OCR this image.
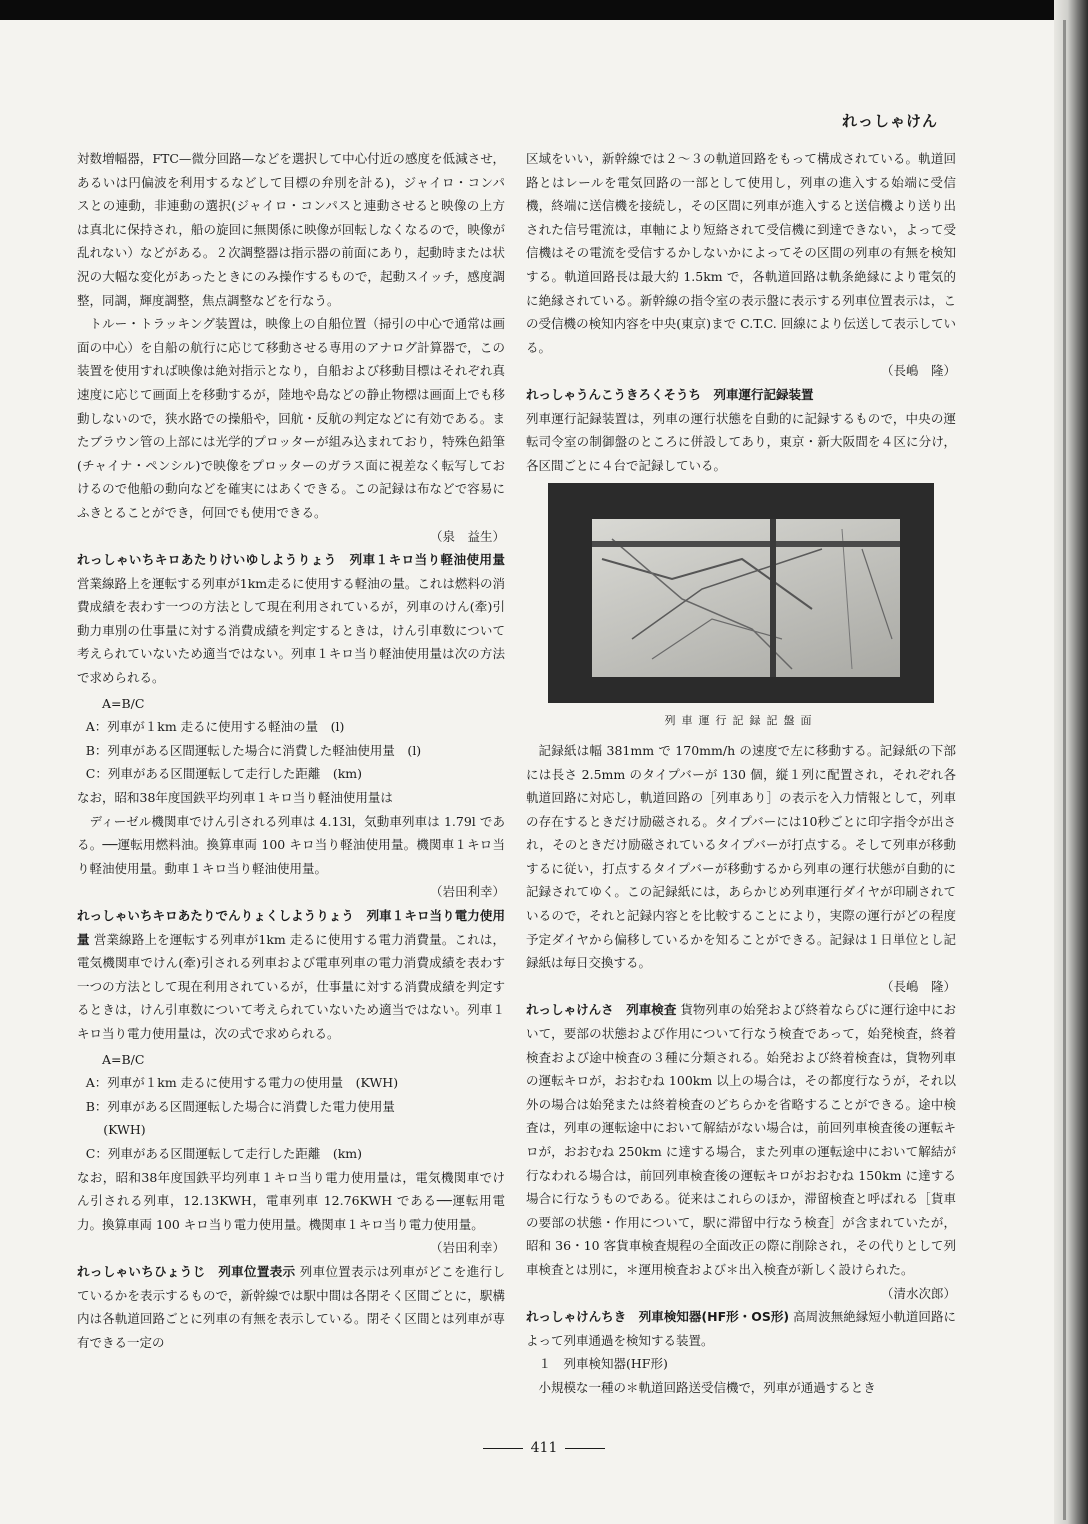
れっしゃけん

対数増幅器，FTC—微分回路—などを選択して中心付近の感度を低減させ，あるいは円偏波を利用するなどして目標の弁別を計る)，ジャイロ・コンパスとの連動，非連動の選択(ジャイロ・コンパスと連動させると映像の上方は真北に保持され，船の旋回に無関係に映像が回転しなくなるので，映像が乱れない）などがある。２次調整器は指示器の前面にあり，起動時または状況の大幅な変化があったときにのみ操作するもので，起動スイッチ，感度調整，同調，輝度調整，焦点調整などを行なう。

トルー・トラッキング装置は，映像上の自船位置（掃引の中心で通常は画面の中心）を自船の航行に応じて移動させる専用のアナログ計算器で，この装置を使用すれば映像は絶対指示となり，自船および移動目標はそれぞれ真速度に応じて画面上を移動するが，陸地や島などの静止物標は画面上でも移動しないので，狭水路での操船や，回航・反航の判定などに有効である。またブラウン管の上部には光学的プロッターが組み込まれており，特殊色鉛筆(チャイナ・ペンシル)で映像をプロッターのガラス面に視差なく転写しておけるので他船の動向などを確実にはあくできる。この記録は布などで容易にふきとることができ，何回でも使用できる。
（泉　益生）

れっしゃいちキロあたりけいゆしようりょう　列車１キロ当り軽油使用量 営業線路上を運転する列車が1km走るに使用する軽油の量。これは燃料の消費成績を表わす一つの方法として現在利用されているが，列車のけん(牽)引動力車別の仕事量に対する消費成績を判定するときは，けん引車数について考えられていないため適当ではない。列車１キロ当り軽油使用量は次の方法で求められる。

A=B/C

A：列車が１km 走るに使用する軽油の量　(l)

B：列車がある区間運転した場合に消費した軽油使用量　(l)

C：列車がある区間運転して走行した距離　(km)

なお，昭和38年度国鉄平均列車１キロ当り軽油使用量は

ディーゼル機関車でけん引される列車は 4.13l，気動車列車は 1.79l である。──運転用燃料油。換算車両 100 キロ当り軽油使用量。機関車１キロ当り軽油使用量。動車１キロ当り軽油使用量。
（岩田利幸）

れっしゃいちキロあたりでんりょくしようりょう　列車１キロ当り電力使用量 営業線路上を運転する列車が1km 走るに使用する電力消費量。これは，電気機関車でけん(牽)引される列車および電車列車の電力消費成績を表わす一つの方法として現在利用されているが，仕事量に対する消費成績を判定するときは，けん引車数について考えられていないため適当ではない。列車１キロ当り電力使用量は，次の式で求められる。

A=B/C

A：列車が１km 走るに使用する電力の使用量　(KWH)

B：列車がある区間運転した場合に消費した電力使用量

(KWH)

C：列車がある区間運転して走行した距離　(km)

なお，昭和38年度国鉄平均列車１キロ当り電力使用量は，電気機関車でけん引される列車，12.13KWH，電車列車 12.76KWH である──運転用電力。換算車両 100 キロ当り電力使用量。機関車１キロ当り電力使用量。
（岩田利幸）

れっしゃいちひょうじ　列車位置表示 列車位置表示は列車がどこを進行しているかを表示するもので，新幹線では駅中間は各閉そく区間ごとに，駅構内は各軌道回路ごとに列車の有無を表示している。閉そく区間とは列車が専有できる一定の

区域をいい，新幹線では２～３の軌道回路をもって構成されている。軌道回路とはレールを電気回路の一部として使用し，列車の進入する始端に受信機，終端に送信機を接続し，その区間に列車が進入すると送信機より送り出された信号電流は，車軸により短絡されて受信機に到達できない，よって受信機はその電流を受信するかしないかによってその区間の列車の有無を検知する。軌道回路長は最大約 1.5km で，各軌道回路は軌条絶縁により電気的に絶縁されている。新幹線の指令室の表示盤に表示する列車位置表示は，この受信機の検知内容を中央(東京)まで C.T.C. 回線により伝送して表示している。
（長嶋　隆）

れっしゃうんこうきろくそうち　列車運行記録装置
列車運行記録装置は，列車の運行状態を自動的に記録するもので，中央の運転司令室の制御盤のところに併設してあり，東京・新大阪間を４区に分け，各区間ごとに４台で記録している。

列車運行記録記盤面

記録紙は幅 381mm で 170mm/h の速度で左に移動する。記録紙の下部には長さ 2.5mm のタイプバーが 130 個，縦１列に配置され，それぞれ各軌道回路に対応し，軌道回路の［列車あり］の表示を入力情報として，列車の存在するときだけ励磁される。タイプバーには10秒ごとに印字指令が出され，そのときだけ励磁されているタイプバーが打点する。そして列車が移動するに従い，打点するタイプバーが移動するから列車の運行状態が自動的に記録されてゆく。この記録紙には，あらかじめ列車運行ダイヤが印刷されているので，それと記録内容とを比較することにより，実際の運行がどの程度予定ダイヤから偏移しているかを知ることができる。記録は１日単位とし記録紙は毎日交換する。
（長嶋　隆）

れっしゃけんさ　列車検査 貨物列車の始発および終着ならびに運行途中において，要部の状態および作用について行なう検査であって，始発検査，終着検査および途中検査の３種に分類される。始発および終着検査は，貨物列車の運転キロが，おおむね 100km 以上の場合は，その都度行なうが，それ以外の場合は始発または終着検査のどちらかを省略することができる。途中検査は，列車の運転途中において解結がない場合は，前回列車検査後の運転キロが，おおむね 250km に達する場合，また列車の運転途中において解結が行なわれる場合は，前回列車検査後の運転キロがおおむね 150km に達する場合に行なうものである。従来はこれらのほか，滞留検査と呼ばれる［貨車の要部の状態・作用について，駅に滞留中行なう検査］が含まれていたが，昭和 36・10 客貨車検査規程の全面改正の際に削除され，その代りとして列車検査とは別に，＊運用検査および＊出入検査が新しく設けられた。
（清水次郎）

れっしゃけんちき　列車検知器(HF形・OS形) 高周波無絶縁短小軌道回路によって列車通過を検知する装置。

１　列車検知器(HF形)

小規模な一種の＊軌道回路送受信機で，列車が通過するとき

411
